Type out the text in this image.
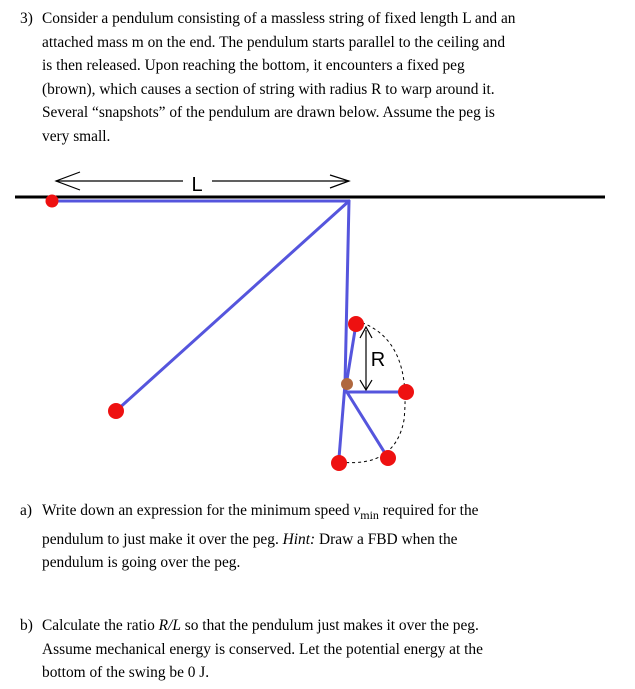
3) Consider a pendulum consisting of a massless string of fixed length L and an
attached mass m on the end. The pendulum starts parallel to the ceiling and
is then released. Upon reaching the bottom, it encounters a fixed peg
(brown), which causes a section of string with radius R to warp around it.
Several “snapshots” of the pendulum are drawn below. Assume the peg is
very small.
L
R
a) Write down an expression for the minimum speed $v_{min}$ required for the
pendulum to just make it over the peg. Hint: Draw a FBD when the
pendulum is going over the peg.
b) Calculate the ratio R/L so that the pendulum just makes it over the peg.
Assume mechanical energy is conserved. Let the potential energy at the
bottom of the swing be 0 J.
